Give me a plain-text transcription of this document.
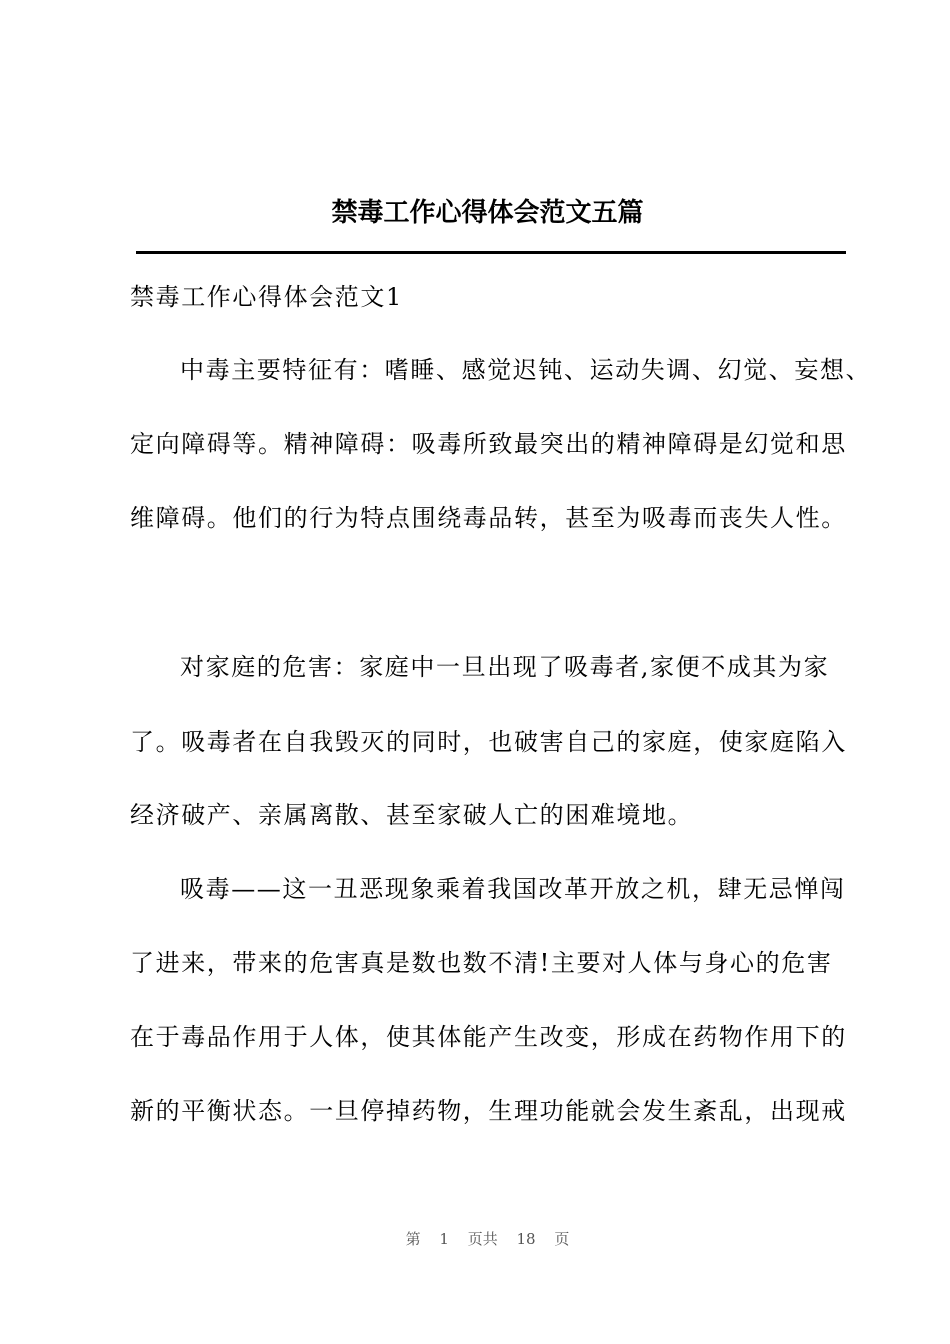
禁毒工作心得体会范文五篇
禁毒工作心得体会范文1
中毒主要特征有：嗜睡、感觉迟钝、运动失调、幻觉、妄想、
定向障碍等。精神障碍：吸毒所致最突出的精神障碍是幻觉和思
维障碍。他们的行为特点围绕毒品转，甚至为吸毒而丧失人性。
对家庭的危害：家庭中一旦出现了吸毒者,家便不成其为家
了。吸毒者在自我毁灭的同时，也破害自己的家庭，使家庭陷入
经济破产、亲属离散、甚至家破人亡的困难境地。
吸毒——这一丑恶现象乘着我国改革开放之机，肆无忌惮闯
了进来，带来的危害真是数也数不清!主要对人体与身心的危害
在于毒品作用于人体，使其体能产生改变，形成在药物作用下的
新的平衡状态。一旦停掉药物，生理功能就会发生紊乱，出现戒
第 1 页共 18 页
